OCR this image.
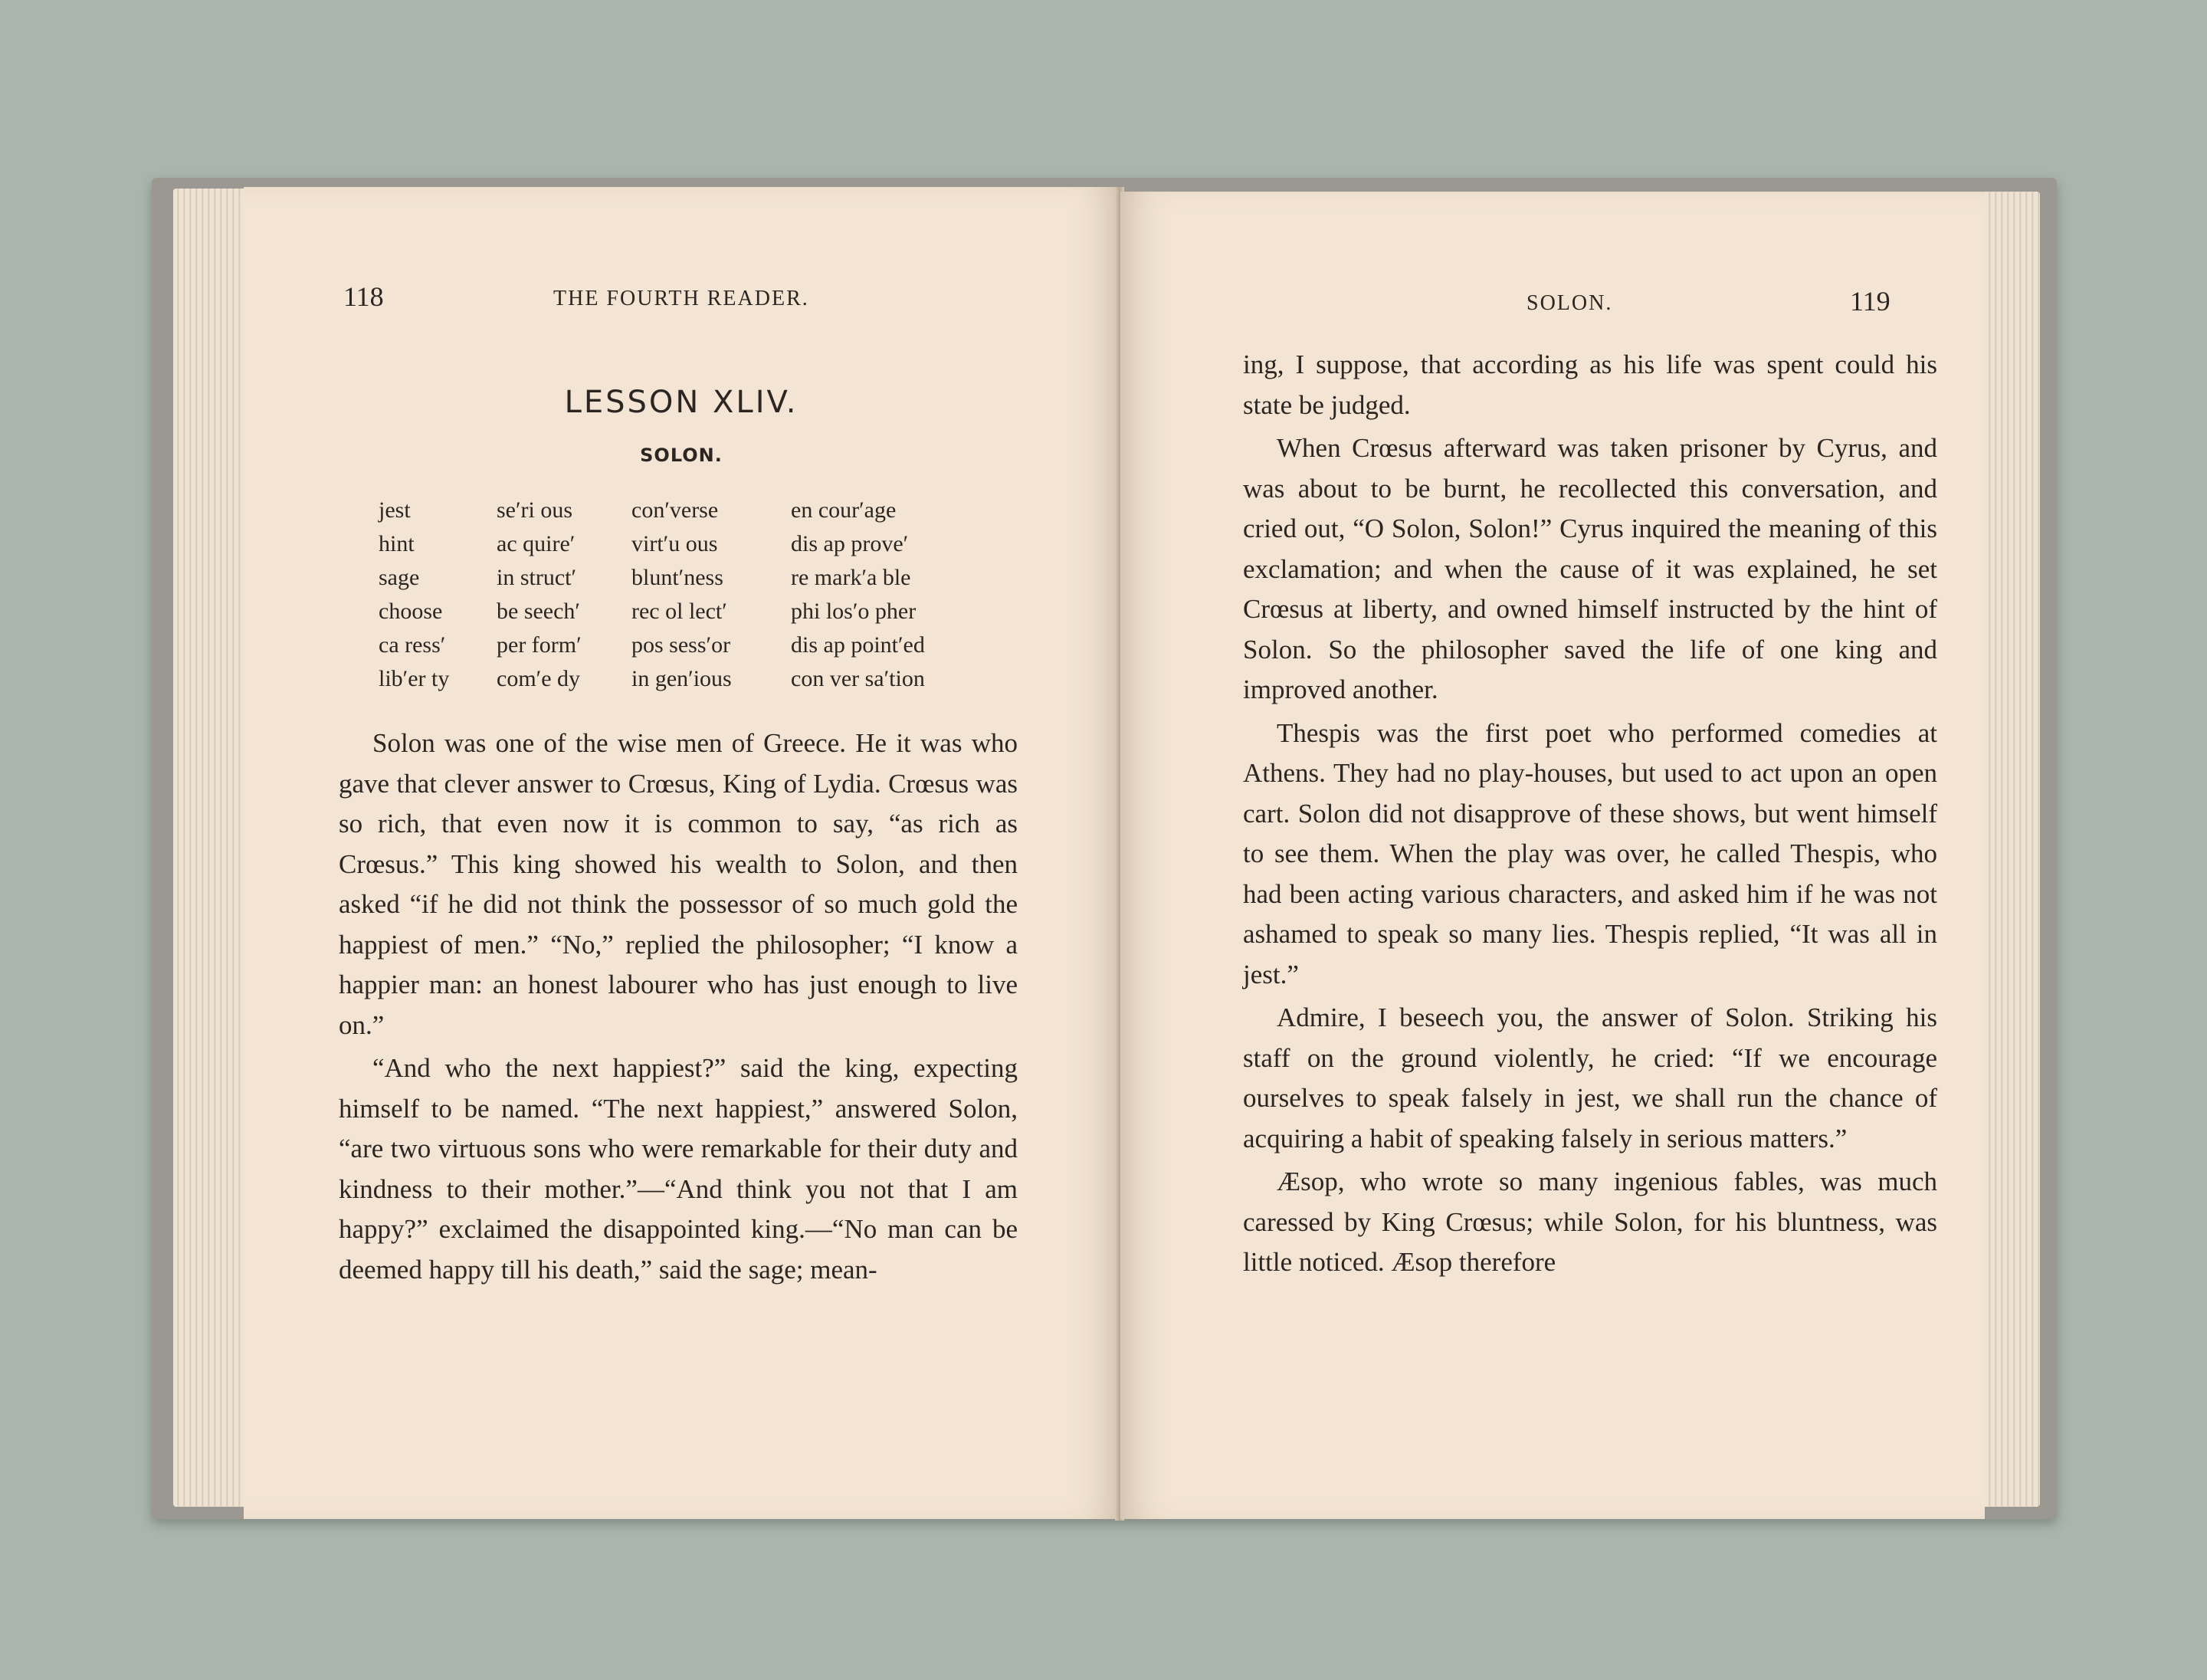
118	THE FOURTH READER.
LESSON XLIV.
SOLON.
jest
hint
sage
choose
ca ress′
lib′er ty
se′ri ous
ac quire′
in struct′
be seech′
per form′
com′e dy
con′verse
virt′u ous
blunt′ness
rec ol lect′
pos sess′or
in gen′ious
en cour′age
dis ap prove′
re mark′a ble
phi los′o pher
dis ap point′ed
con ver sa′tion

Solon was one of the wise men of Greece. He it was who gave that clever answer to Crœsus, King of Lydia. Crœsus was so rich, that even now it is common to say, “as rich as Crœsus.” This king showed his wealth to Solon, and then asked “if he did not think the possessor of so much gold the happiest of men.” “No,” replied the philosopher; “I know a happier man: an honest labourer who has just enough to live on.”

“And who the next happiest?” said the king, expecting himself to be named. “The next happiest,” answered Solon, “are two virtuous sons who were remarkable for their duty and kindness to their mother.”—“And think you not that I am happy?” exclaimed the disappointed king.—“No man can be deemed happy till his death,” said the sage; mean-

SOLON.	119

ing, I suppose, that according as his life was spent could his state be judged.

When Crœsus afterward was taken prisoner by Cyrus, and was about to be burnt, he recollected this conversation, and cried out, “O Solon, Solon!” Cyrus inquired the meaning of this exclamation; and when the cause of it was explained, he set Crœsus at liberty, and owned himself instructed by the hint of Solon. So the philosopher saved the life of one king and improved another.

Thespis was the first poet who performed comedies at Athens. They had no play-houses, but used to act upon an open cart. Solon did not disapprove of these shows, but went himself to see them. When the play was over, he called Thespis, who had been acting various characters, and asked him if he was not ashamed to speak so many lies. Thespis replied, “It was all in jest.”

Admire, I beseech you, the answer of Solon. Striking his staff on the ground violently, he cried: “If we encourage ourselves to speak falsely in jest, we shall run the chance of acquiring a habit of speaking falsely in serious matters.”

Æsop, who wrote so many ingenious fables, was much caressed by King Crœsus; while Solon, for his bluntness, was little noticed. Æsop therefore
